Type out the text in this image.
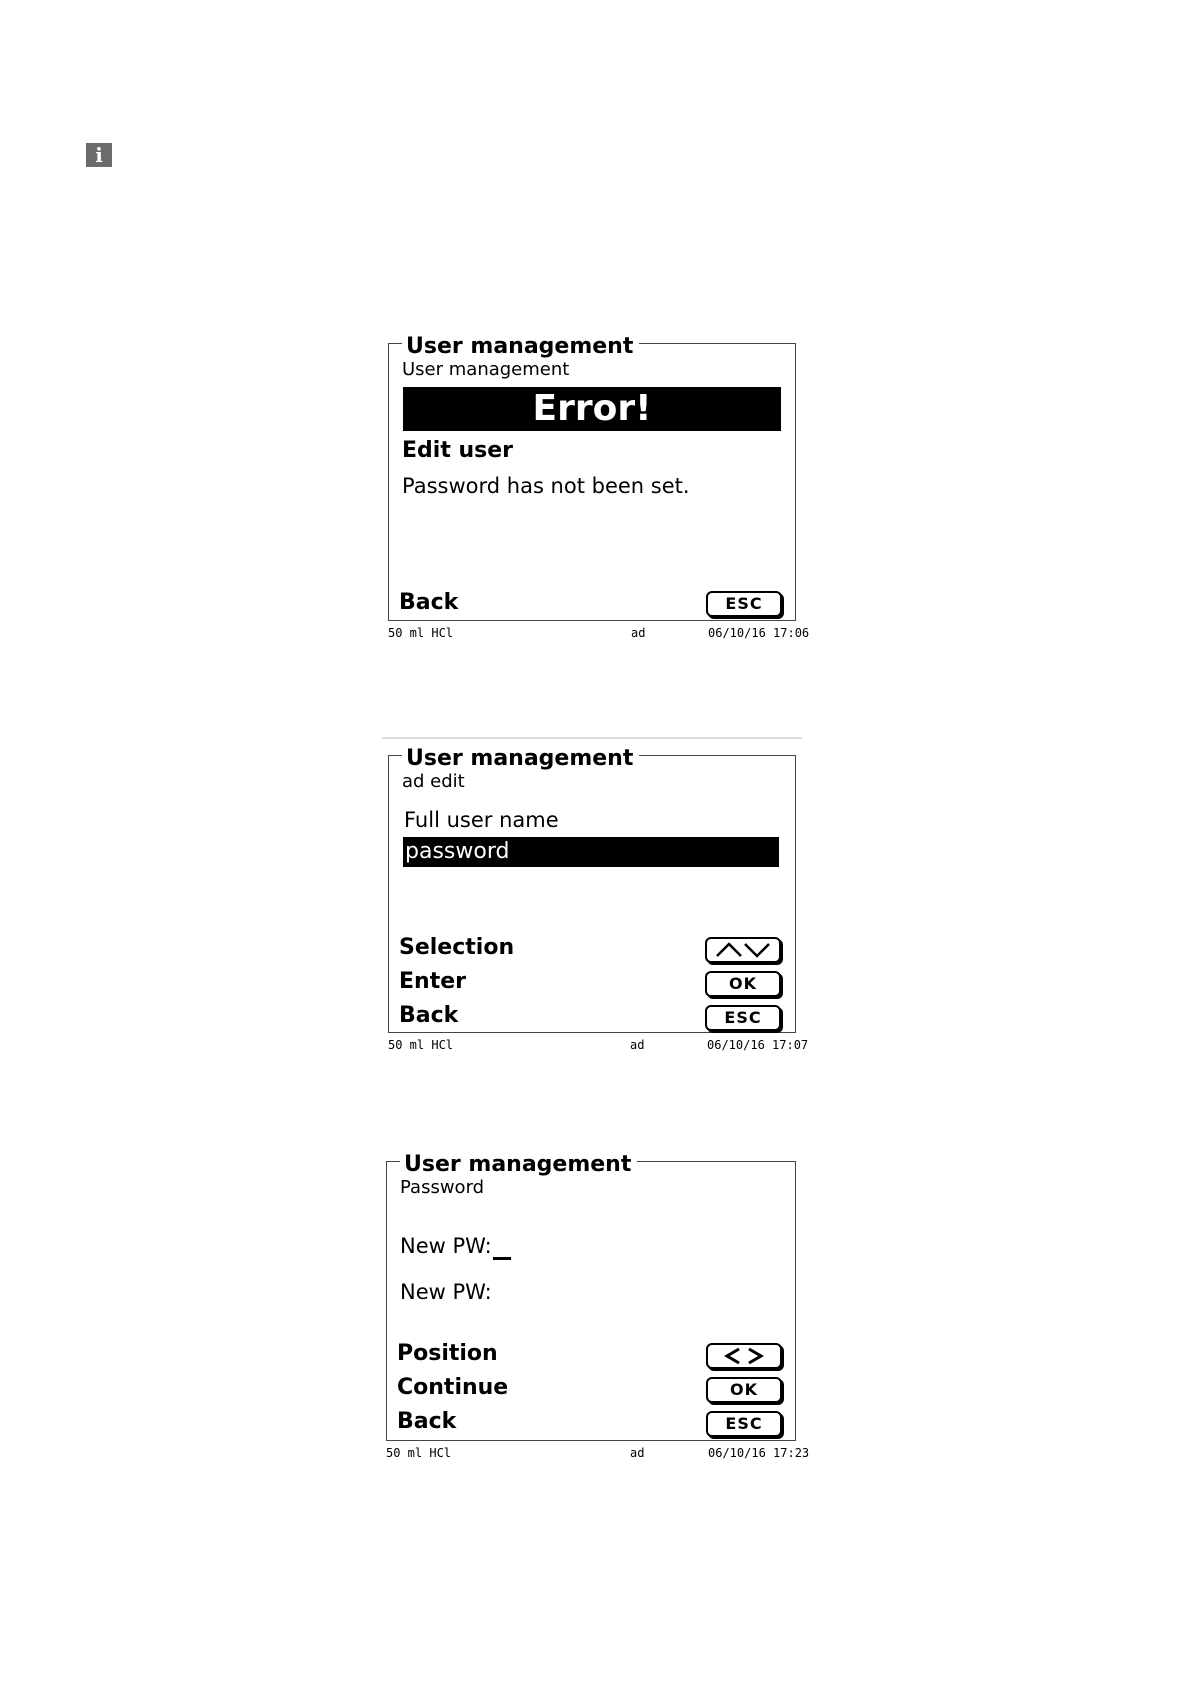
i
User management
User management
Error!
Edit user
Password has not been set.
Back	ESC
50 ml HCl	ad	06/10/16 17:06
User management
ad edit
Full user name
password
Selection
Enter	OK
Back	ESC
50 ml HCl	ad	06/10/16 17:07
User management
Password
New PW:
New PW:
Position
Continue	OK
Back	ESC
50 ml HCl	ad	06/10/16 17:23
